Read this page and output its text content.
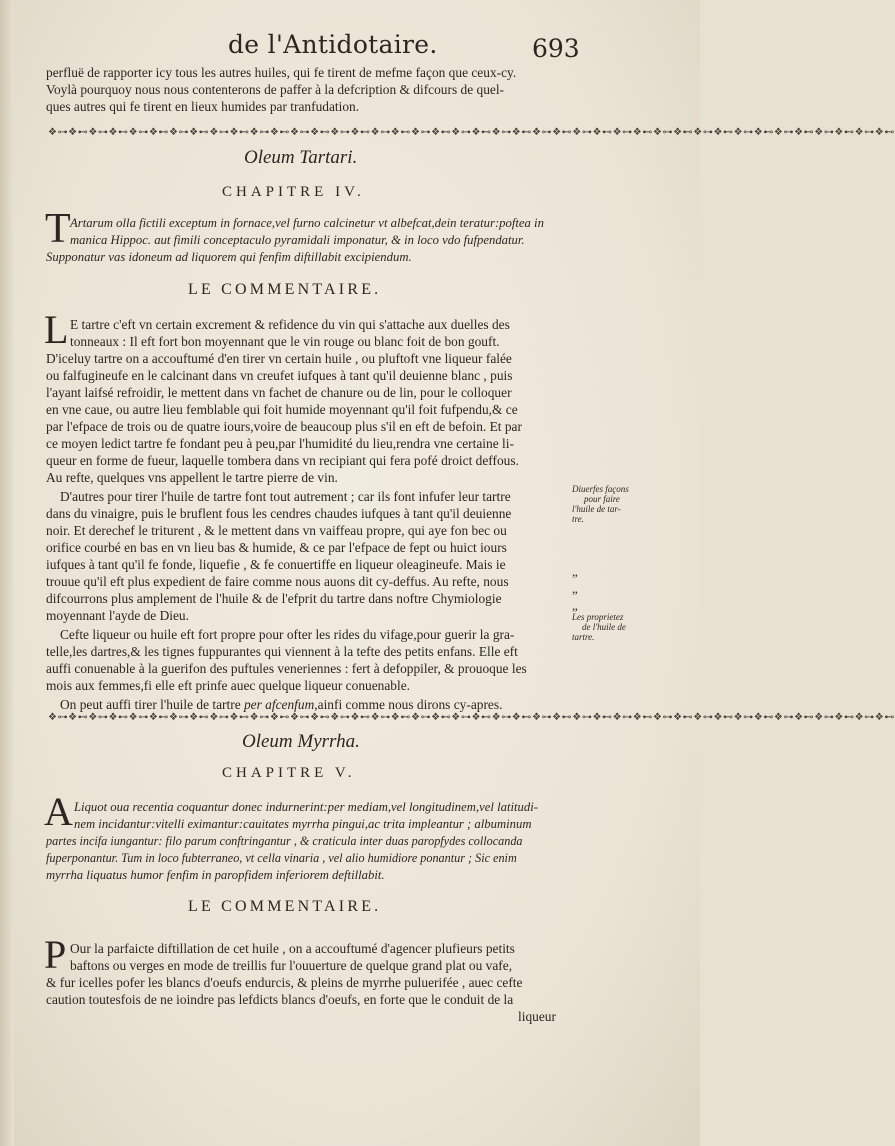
de l'Antidotaire.	693
perfluë de rapporter icy tous les autres huiles, qui fe tirent de mefme façon que ceux-cy.
Voylà pourquoy nous nous contenterons de paffer à la defcription & difcours de quel-
ques autres qui fe tirent en lieux humides par tranfudation.
❖⊶❖⊷❖⊶❖⊷❖⊶❖⊷❖⊶❖⊷❖⊶❖⊷❖⊶❖⊷❖⊶❖⊷❖⊶❖⊷❖⊶❖⊷❖⊶❖⊷❖⊶❖⊷❖⊶❖⊷❖⊶❖⊷❖⊶❖⊷❖⊶❖⊷❖⊶❖⊷❖⊶❖⊷❖⊶❖⊷❖⊶❖⊷❖⊶❖⊷❖⊶❖⊷
Oleum Tartari.
CHAPITRE IV.
T Artarum olla fictili exceptum in fornace,vel furno calcinetur vt albefcat,dein teratur:poftea in
manica Hippoc. aut fimili conceptaculo pyramidali imponatur, & in loco vdo fufpendatur.
Supponatur vas idoneum ad liquorem qui fenfim diftillabit excipiendum.
LE COMMENTAIRE.
L E tartre c'eft vn certain excrement & refidence du vin qui s'attache aux duelles des
tonneaux : Il eft fort bon moyennant que le vin rouge ou blanc foit de bon gouft.
D'iceluy tartre on a accouftumé d'en tirer vn certain huile , ou pluftoft vne liqueur falée
ou falfugineufe en le calcinant dans vn creufet iufques à tant qu'il deuienne blanc , puis
l'ayant laifsé refroidir, le mettent dans vn fachet de chanure ou de lin, pour le colloquer
en vne caue, ou autre lieu femblable qui foit humide moyennant qu'il foit fufpendu,& ce
par l'efpace de trois ou de quatre iours,voire de beaucoup plus s'il en eft de befoin. Et par
ce moyen ledict tartre fe fondant peu à peu,par l'humidité du lieu,rendra vne certaine li-
queur en forme de fueur, laquelle tombera dans vn recipiant qui fera pofé droict deffous.
Au refte, quelques vns appellent le tartre pierre de vin.
D'autres pour tirer l'huile de tartre font tout autrement ; car ils font infufer leur tartre
dans du vinaigre, puis le bruflent fous les cendres chaudes iufques à tant qu'il deuienne
noir. Et derechef le triturent , & le mettent dans vn vaiffeau propre, qui aye fon bec ou
orifice courbé en bas en vn lieu bas & humide, & ce par l'efpace de fept ou huict iours
iufques à tant qu'il fe fonde, liquefie , & fe conuertiffe en liqueur oleagineufe. Mais ie
trouue qu'il eft plus expedient de faire comme nous auons dit cy-deffus. Au refte, nous
difcourrons plus amplement de l'huile & de l'efprit du tartre dans noftre Chymiologie
moyennant l'ayde de Dieu.
Cefte liqueur ou huile eft fort propre pour ofter les rides du vifage,pour guerir la gra-
telle,les dartres,& les tignes fuppurantes qui viennent à la tefte des petits enfans. Elle eft
auffi conuenable à la guerifon des puftules veneriennes : fert à defoppiler, & prouoque les
mois aux femmes,fi elle eft prinfe auec quelque liqueur conuenable.
On peut auffi tirer l'huile de tartre per afcenfum,ainfi comme nous dirons cy-apres.
Diuerfes façons
pour faire
l'huile de tar-
tre.
Les proprietez
de l'huile de
tartre.
„
„
„
❖⊶❖⊷❖⊶❖⊷❖⊶❖⊷❖⊶❖⊷❖⊶❖⊷❖⊶❖⊷❖⊶❖⊷❖⊶❖⊷❖⊶❖⊷❖⊶❖⊷❖⊶❖⊷❖⊶❖⊷❖⊶❖⊷❖⊶❖⊷❖⊶❖⊷❖⊶❖⊷❖⊶❖⊷❖⊶❖⊷❖⊶❖⊷❖⊶❖⊷❖⊶❖⊷
Oleum Myrrha.
CHAPITRE V.
A Liquot oua recentia coquantur donec indurnerint:per mediam,vel longitudinem,vel latitudi-
nem incidantur:vitelli eximantur:cauitates myrrha pingui,ac trita impleantur ; albuminum
partes incifa iungantur: filo parum conftringantur , & craticula inter duas paropfydes collocanda
fuperponantur. Tum in loco fubterraneo, vt cella vinaria , vel alio humidiore ponantur ; Sic enim
myrrha liquatus humor fenfim in paropfidem inferiorem deftillabit.
LE COMMENTAIRE.
P Our la parfaicte diftillation de cet huile , on a accouftumé d'agencer plufieurs petits
baftons ou verges en mode de treillis fur l'ouuerture de quelque grand plat ou vafe,
& fur icelles pofer les blancs d'oeufs endurcis, & pleins de myrrhe puluerifée , auec cefte
caution toutesfois de ne ioindre pas lefdicts blancs d'oeufs, en forte que le conduit de la
liqueur
